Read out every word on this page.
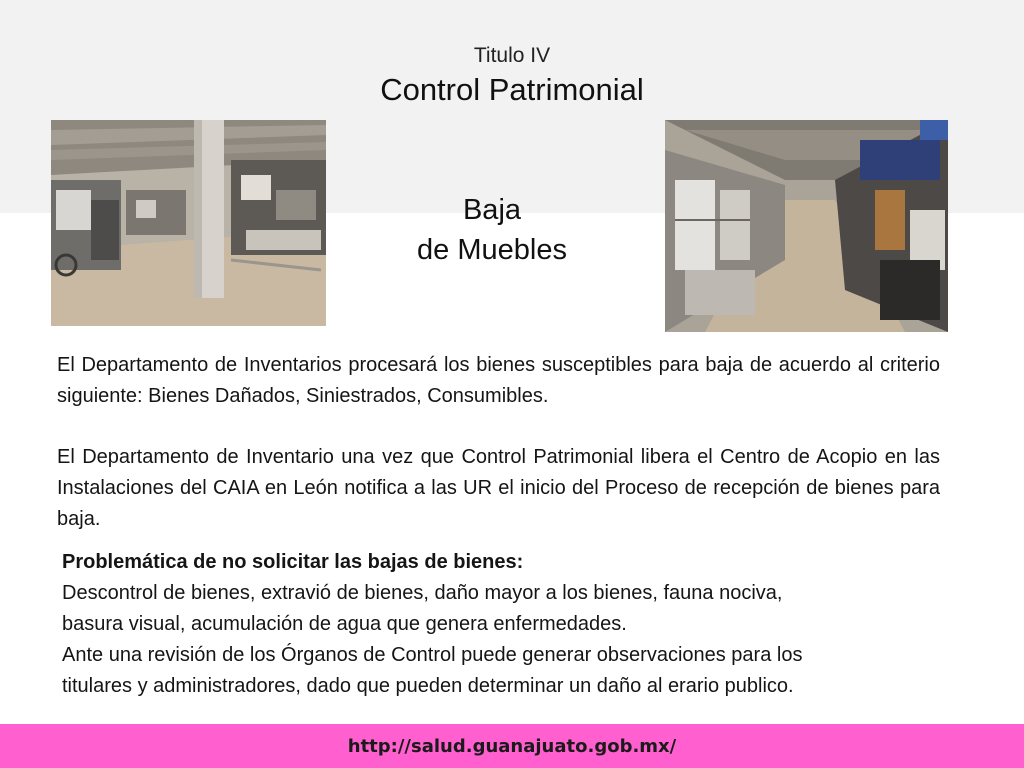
Titulo IV
Control Patrimonial
Baja
de Muebles
El Departamento de Inventarios procesará los bienes susceptibles para baja de acuerdo al criterio siguiente: Bienes Dañados, Siniestrados, Consumibles.
El Departamento de Inventario una vez que Control Patrimonial libera el Centro de Acopio en las Instalaciones del CAIA en León notifica a las UR el inicio del Proceso de recepción de bienes para baja.
Problemática de no solicitar las bajas de bienes:
Descontrol de bienes, extravió de bienes, daño mayor a los bienes, fauna nociva,
basura visual, acumulación de agua que genera enfermedades.
Ante una revisión de los Órganos de Control puede generar observaciones para los
titulares y administradores, dado que pueden determinar un daño al erario publico.
http://salud.guanajuato.gob.mx/
